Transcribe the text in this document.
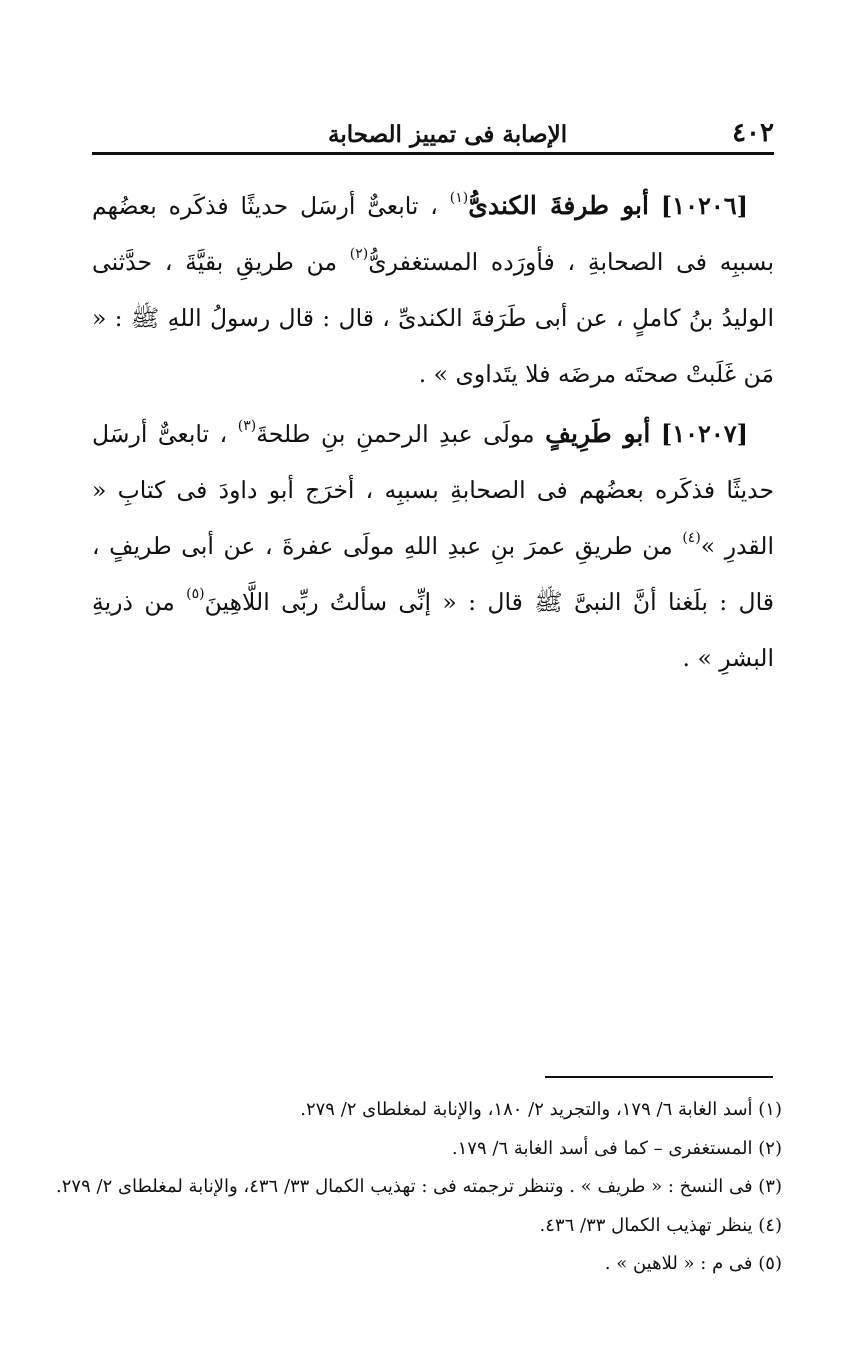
٤٠٢
الإصابة فى تمييز الصحابة

[١٠٢٠٦] أبو طرفةَ الكندىُّ$^{(١)}$ ، تابعىٌّ أرسَل حديثًا فذكَره بعضُهم بسببِه فى الصحابةِ ، فأورَده المستغفرىُّ$^{(٢)}$ من طريقِ بقيَّةَ ، حدَّثنى الوليدُ بنُ كاملٍ ، عن أبى طَرَفةَ الكندىِّ ، قال : قال رسولُ اللهِ ﷺ : « مَن غَلَبتْ صحتَه مرضَه فلا يتَداوى » .

[١٠٢٠٧] أبو طَرِيفٍ مولَى عبدِ الرحمنِ بنِ طلحةَ$^{(٣)}$ ، تابعىٌّ أرسَل حديثًا فذكَره بعضُهم فى الصحابةِ بسببِه ، أخرَج أبو داودَ فى كتابِ « القدرِ »$^{(٤)}$ من طريقِ عمرَ بنِ عبدِ اللهِ مولَى عفرةَ ، عن أبى طريفٍ ، قال : بلَغنا أنَّ النبىَّ ﷺ قال : « إنِّى سألتُ ربِّى اللَّاهِينَ$^{(٥)}$ من ذريةِ البشرِ » .

(١) أسد الغابة ٦/ ١٧٩، والتجريد ٢/ ١٨٠، والإنابة لمغلطاى ٢/ ٢٧٩.

(٢) المستغفرى – كما فى أسد الغابة ٦/ ١٧٩.

(٣) فى النسخ : « طريف » . وتنظر ترجمته فى : تهذيب الكمال ٣٣/ ٤٣٦، والإنابة لمغلطاى ٢/ ٢٧٩.

(٤) ينظر تهذيب الكمال ٣٣/ ٤٣٦.

(٥) فى م : « للاهين » .
